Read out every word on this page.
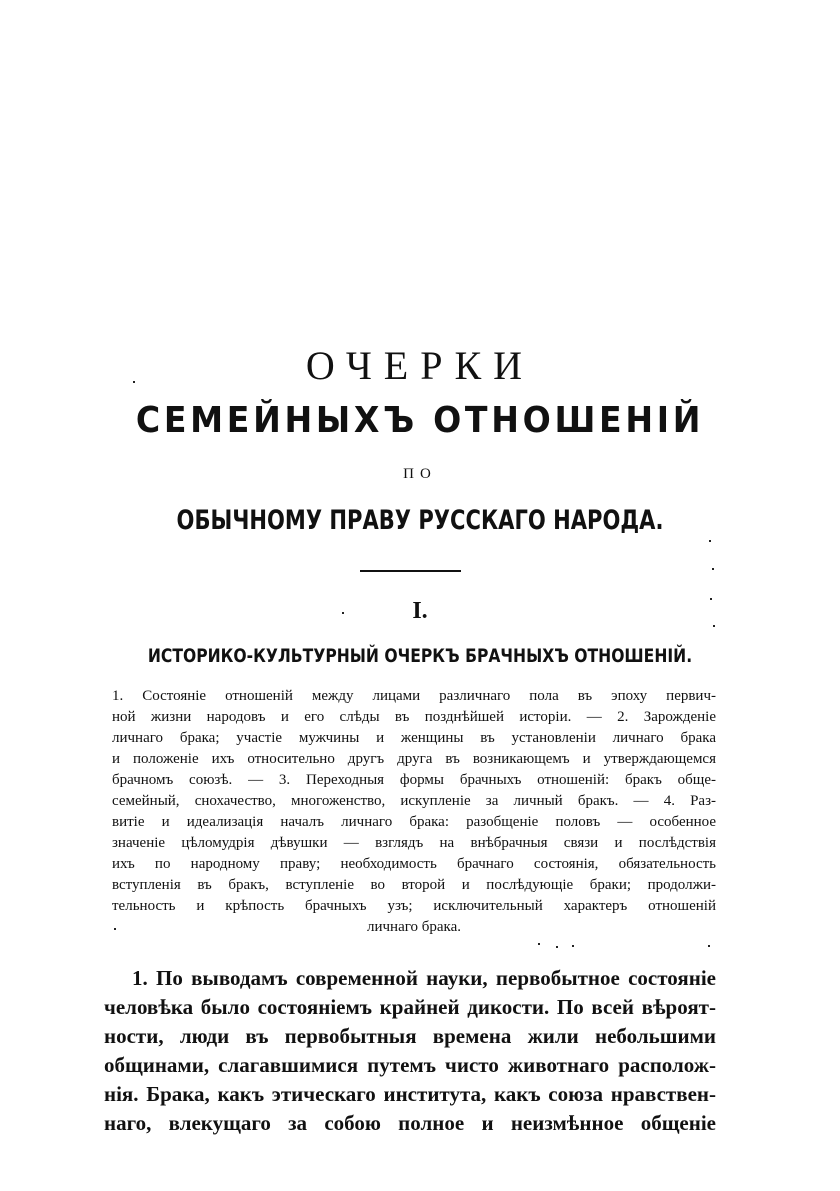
ОЧЕРКИ
СЕМЕЙНЫХЪ ОТНОШЕНІЙ
ПО
ОБЫЧНОМУ ПРАВУ РУССКАГО НАРОДА.
I.
ИСТОРИКО-КУЛЬТУРНЫЙ ОЧЕРКЪ БРАЧНЫХЪ ОТНОШЕНІЙ.
1. Состояніе отношеній между лицами различнаго пола въ эпоху первич-
ной жизни народовъ и его слѣды въ позднѣйшей исторіи. — 2. Зарожденіе
личнаго брака; участіе мужчины и женщины въ установленіи личнаго брака
и положеніе ихъ относительно другъ друга въ возникающемъ и утверждающемся
брачномъ союзѣ. — 3. Переходныя формы брачныхъ отношеній: бракъ обще-
семейный, снохачество, многоженство, искупленіе за личный бракъ. — 4. Раз-
витіе и идеализація началъ личнаго брака: разобщеніе половъ — особенное
значеніе цѣломудрія дѣвушки — взглядъ на внѣбрачныя связи и послѣдствія
ихъ по народному праву; необходимость брачнаго состоянія, обязательность
вступленія въ бракъ, вступленіе во второй и послѣдующіе браки; продолжи-
тельность и крѣпость брачныхъ узъ; исключительный характеръ отношеній
личнаго брака.
1. По выводамъ современной науки, первобытное состояніе
человѣка было состояніемъ крайней дикости. По всей вѣроят-
ности, люди въ первобытныя времена жили небольшими
общинами, слагавшимися путемъ чисто животнаго располож-
нія. Брака, какъ этическаго института, какъ союза нравствен-
наго, влекущаго за собою полное и неизмѣнное общеніе
